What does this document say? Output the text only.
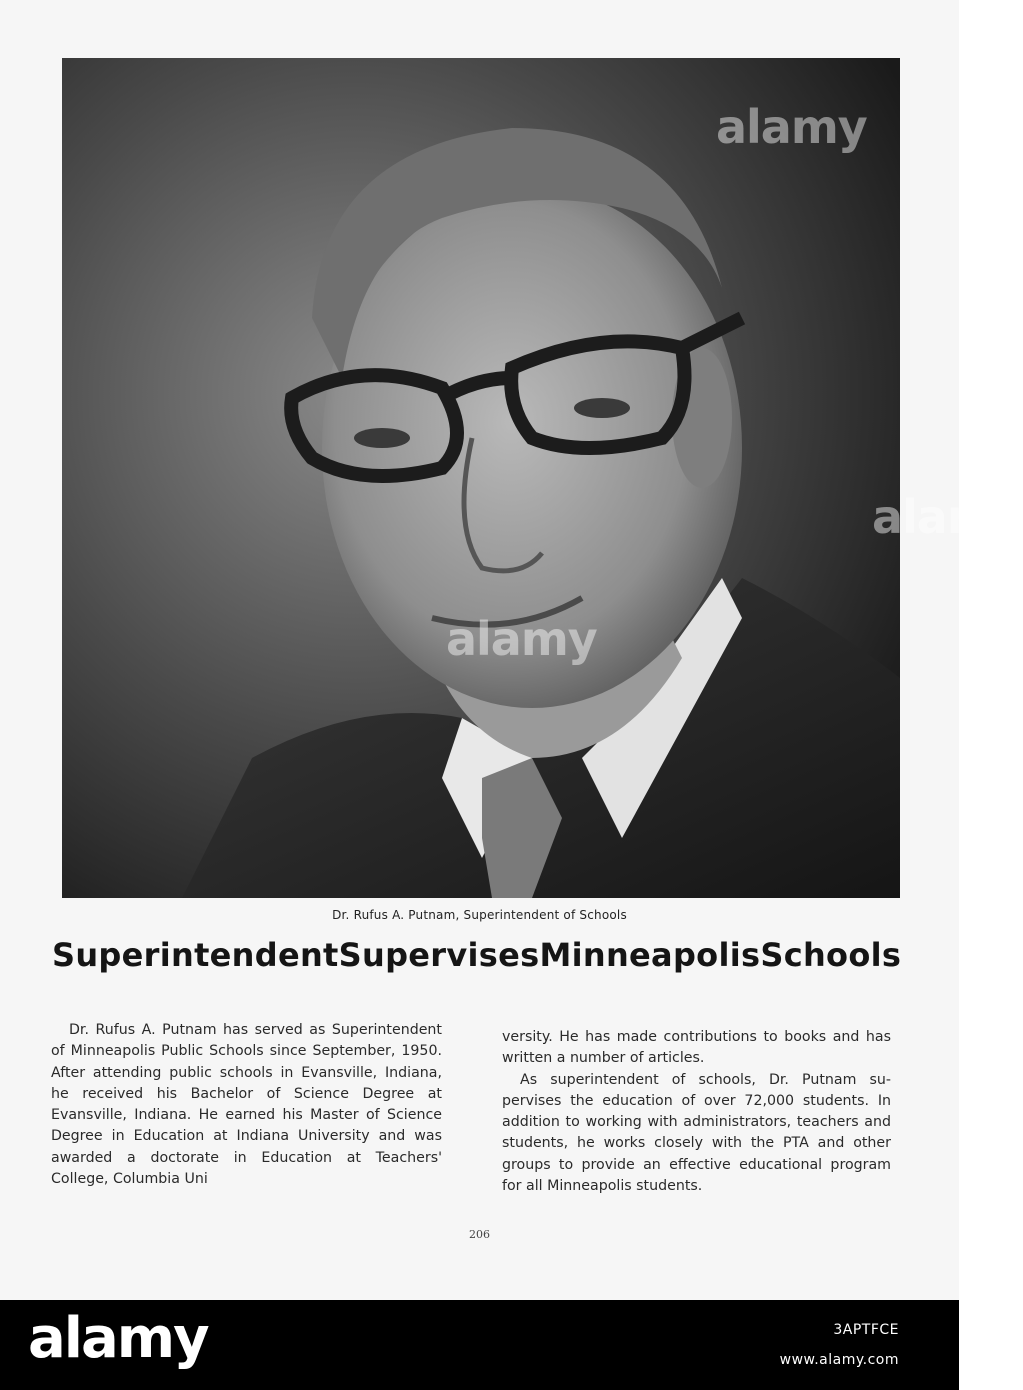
alamy
alamy
alamy
Dr. Rufus A. Putnam, Superintendent of Schools
Superintendent Supervises Minneapolis Schools

Dr. Rufus A. Putnam has served as Superintendent of Minneapolis Public Schools since September, 1950. After attending public schools in Evansville, Indiana, he received his Bachelor of Science Degree at Evansville, Indiana. He earned his Master of Science Degree in Education at Indiana University and was awarded a doctorate in Education at Teachers' College, Columbia Uni

versity. He has made contributions to books and has written a number of articles.

As superintendent of schools, Dr. Putnam supervises the education of over 72,000 students. In addition to working with administrators, teachers and students, he works closely with the PTA and other groups to provide an effective educational program for all Minneapolis students.

206
alamy	3APTFCE
www.alamy.com
